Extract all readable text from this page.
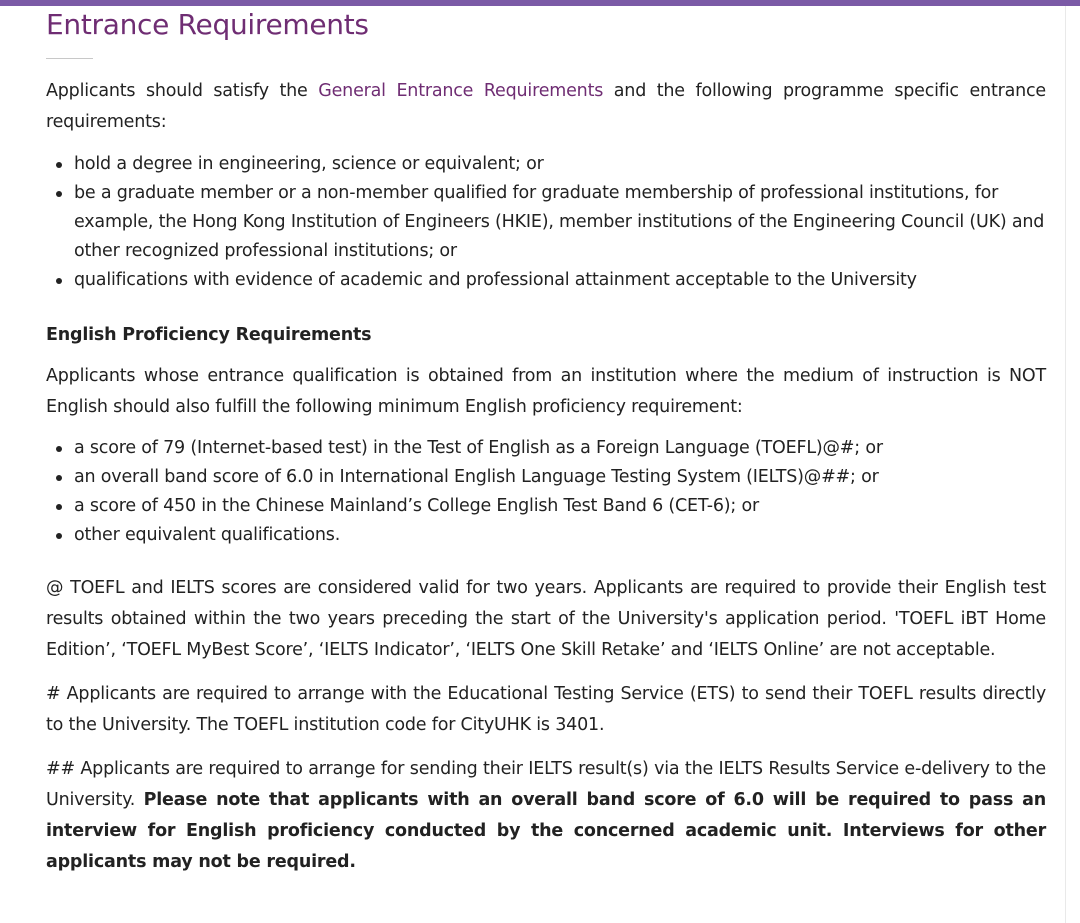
Entrance Requirements

Applicants should satisfy the General Entrance Requirements and the following programme specific entrance requirements:

hold a degree in engineering, science or equivalent; or
be a graduate member or a non-member qualified for graduate membership of professional institutions, for example, the Hong Kong Institution of Engineers (HKIE), member institutions of the Engineering Council (UK) and other recognized professional institutions; or
qualifications with evidence of academic and professional attainment acceptable to the University
English Proficiency Requirements

Applicants whose entrance qualification is obtained from an institution where the medium of instruction is NOT English should also fulfill the following minimum English proficiency requirement:

a score of 79 (Internet-based test) in the Test of English as a Foreign Language (TOEFL)@#; or
an overall band score of 6.0 in International English Language Testing System (IELTS)@##; or
a score of 450 in the Chinese Mainland’s College English Test Band 6 (CET-6); or
other equivalent qualifications.

@ TOEFL and IELTS scores are considered valid for two years. Applicants are required to provide their English test results obtained within the two years preceding the start of the University's application period. 'TOEFL iBT Home Edition’, ‘TOEFL MyBest Score’, ‘IELTS Indicator’, ‘IELTS One Skill Retake’ and ‘IELTS Online’ are not acceptable.

# Applicants are required to arrange with the Educational Testing Service (ETS) to send their TOEFL results directly to the University. The TOEFL institution code for CityUHK is 3401.

## Applicants are required to arrange for sending their IELTS result(s) via the IELTS Results Service e-delivery to the University. Please note that applicants with an overall band score of 6.0 will be required to pass an interview for English proficiency conducted by the concerned academic unit. Interviews for other applicants may not be required.
